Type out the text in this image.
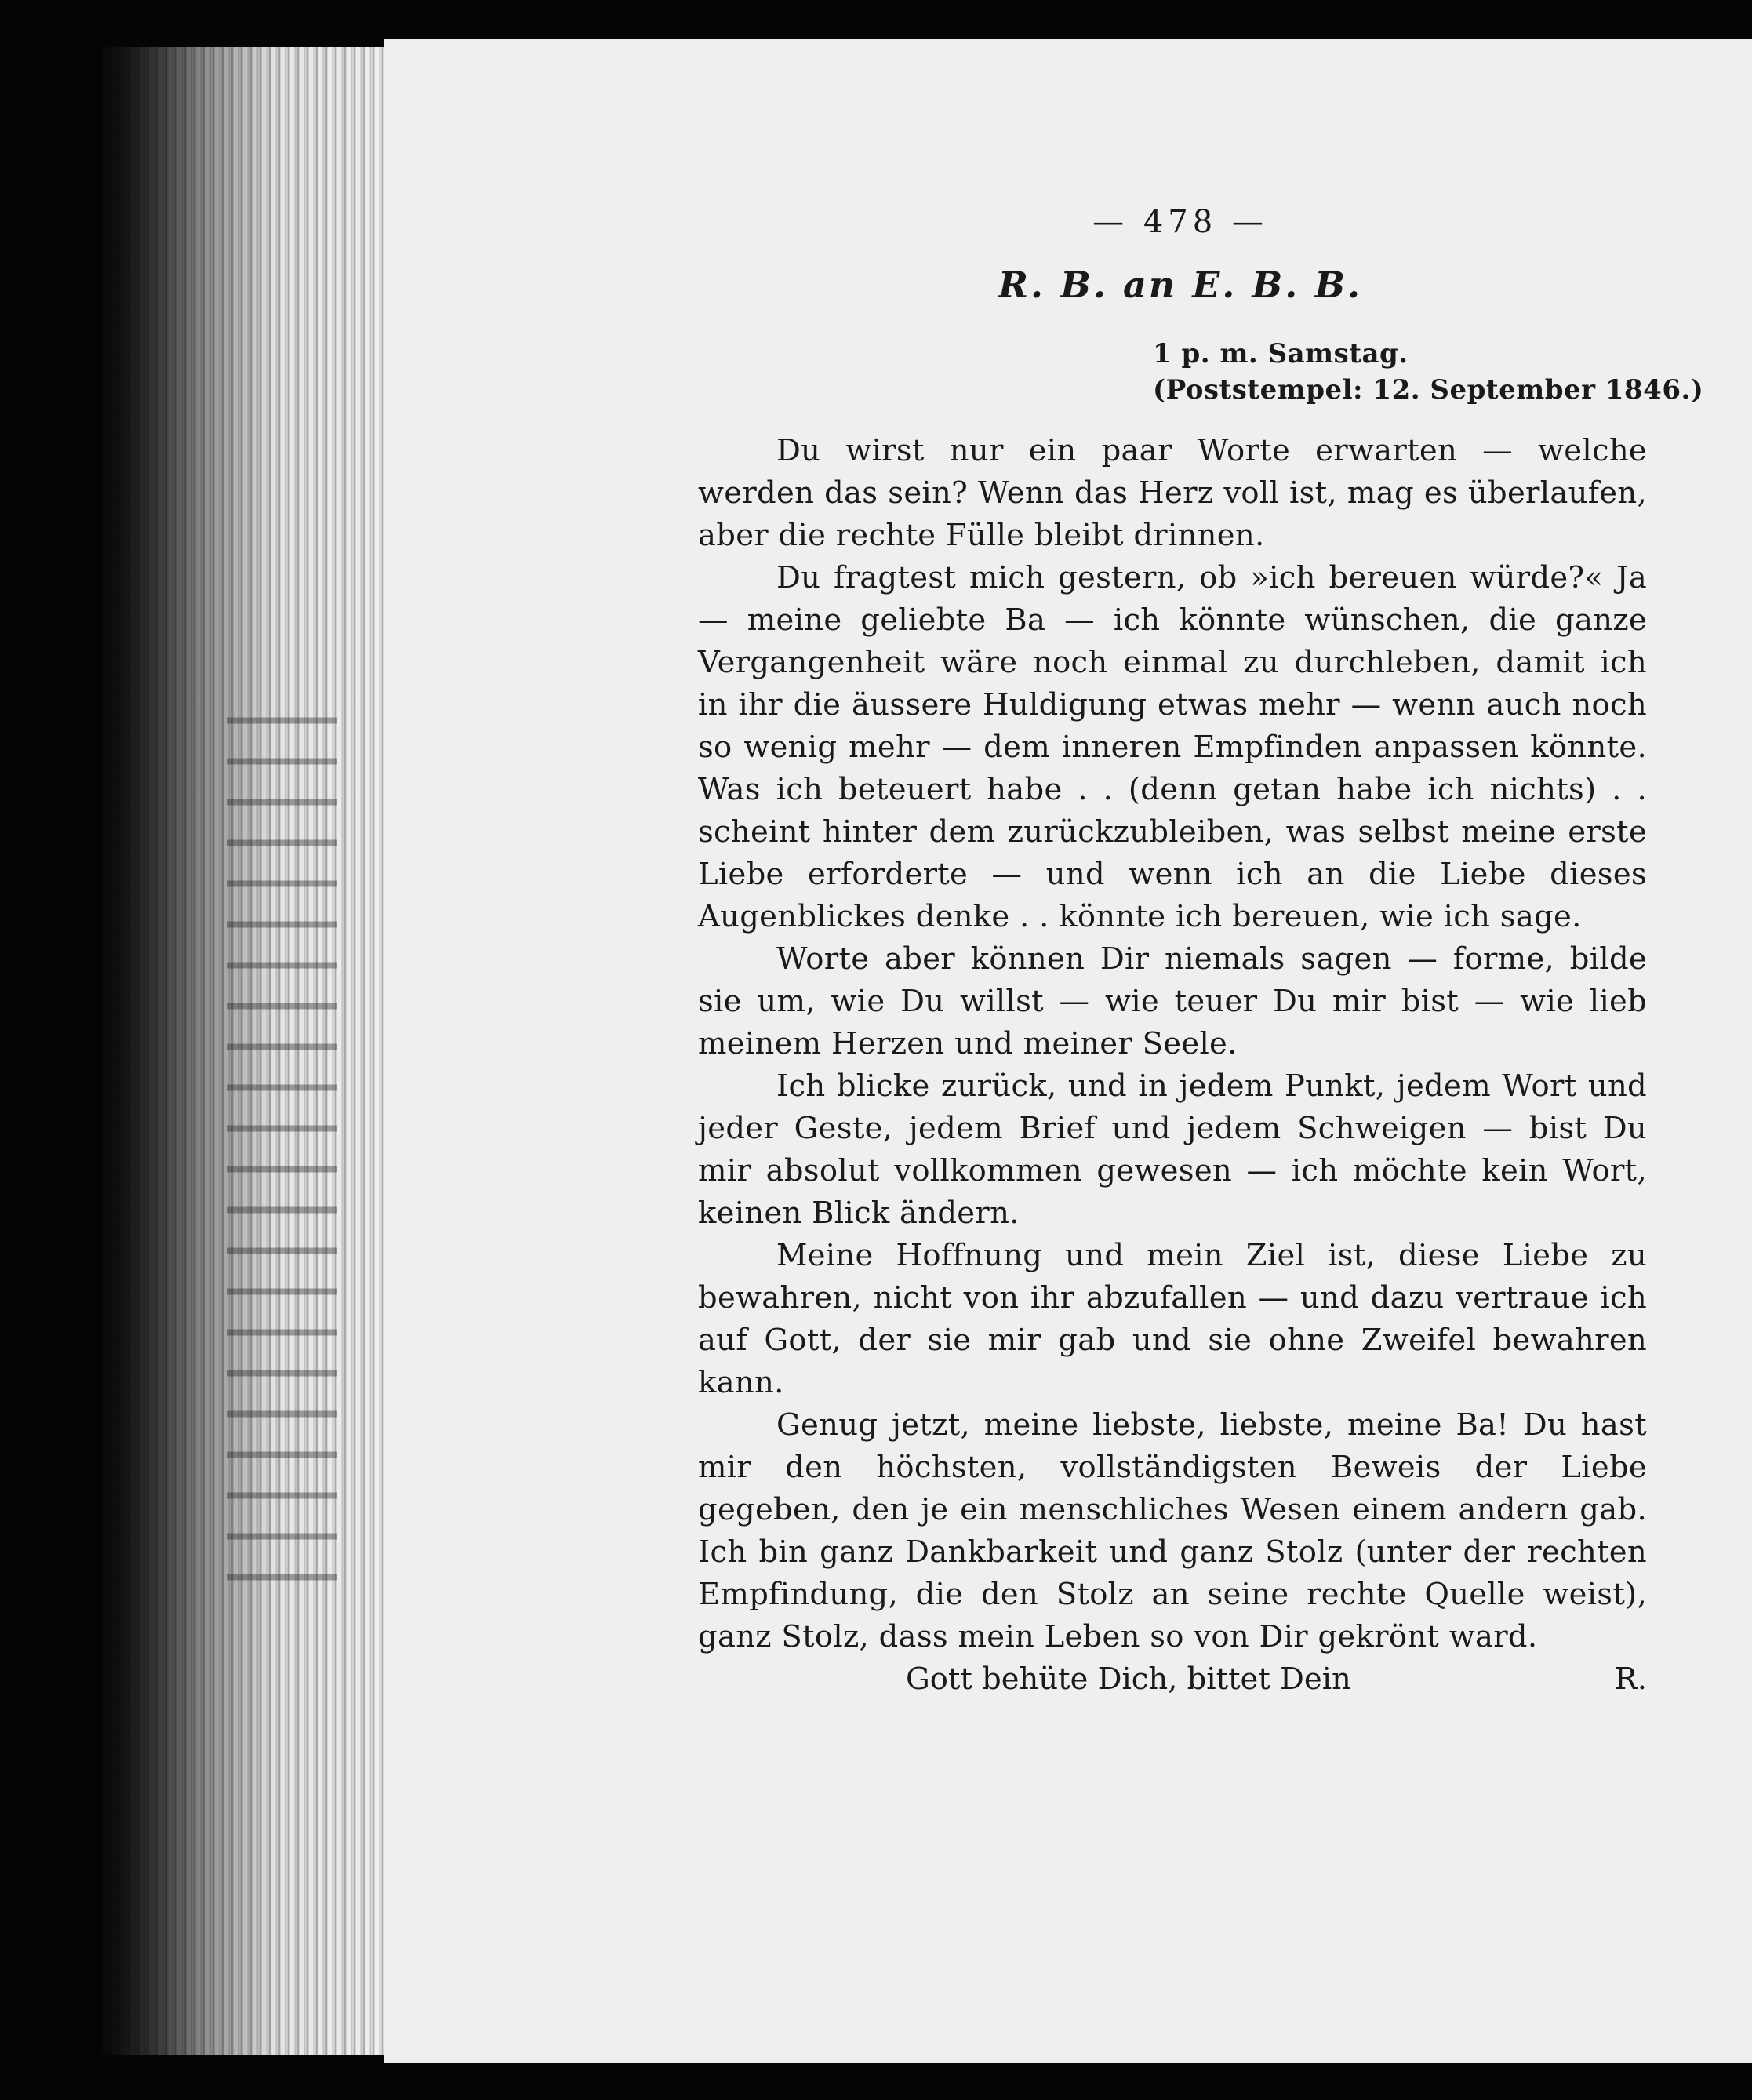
— 478 —
R. B. an E. B. B.
1 p. m. Samstag.
(Poststempel: 12. September 1846.)

Du wirst nur ein paar Worte erwarten — welche werden das sein? Wenn das Herz voll ist, mag es überlaufen, aber die rechte Fülle bleibt drinnen.

Du fragtest mich gestern, ob »ich bereuen würde?« Ja — meine geliebte Ba — ich könnte wünschen, die ganze Vergangenheit wäre noch einmal zu durchleben, damit ich in ihr die äussere Huldigung etwas mehr — wenn auch noch so wenig mehr — dem inneren Empfinden anpassen könnte. Was ich beteuert habe . . (denn getan habe ich nichts) . . scheint hinter dem zurückzubleiben, was selbst meine erste Liebe erforderte — und wenn ich an die Liebe dieses Augenblickes denke . . könnte ich bereuen, wie ich sage.

Worte aber können Dir niemals sagen — forme, bilde sie um, wie Du willst — wie teuer Du mir bist — wie lieb meinem Herzen und meiner Seele.

Ich blicke zurück, und in jedem Punkt, jedem Wort und jeder Geste, jedem Brief und jedem Schweigen — bist Du mir absolut vollkommen gewesen — ich möchte kein Wort, keinen Blick ändern.

Meine Hoffnung und mein Ziel ist, diese Liebe zu bewahren, nicht von ihr abzufallen — und dazu vertraue ich auf Gott, der sie mir gab und sie ohne Zweifel bewahren kann.

Genug jetzt, meine liebste, liebste, meine Ba! Du hast mir den höchsten, vollständigsten Beweis der Liebe gegeben, den je ein menschliches Wesen einem andern gab. Ich bin ganz Dankbarkeit und ganz Stolz (unter der rechten Empfindung, die den Stolz an seine rechte Quelle weist), ganz Stolz, dass mein Leben so von Dir gekrönt ward.

Gott behüte Dich, bittet Dein	R.
